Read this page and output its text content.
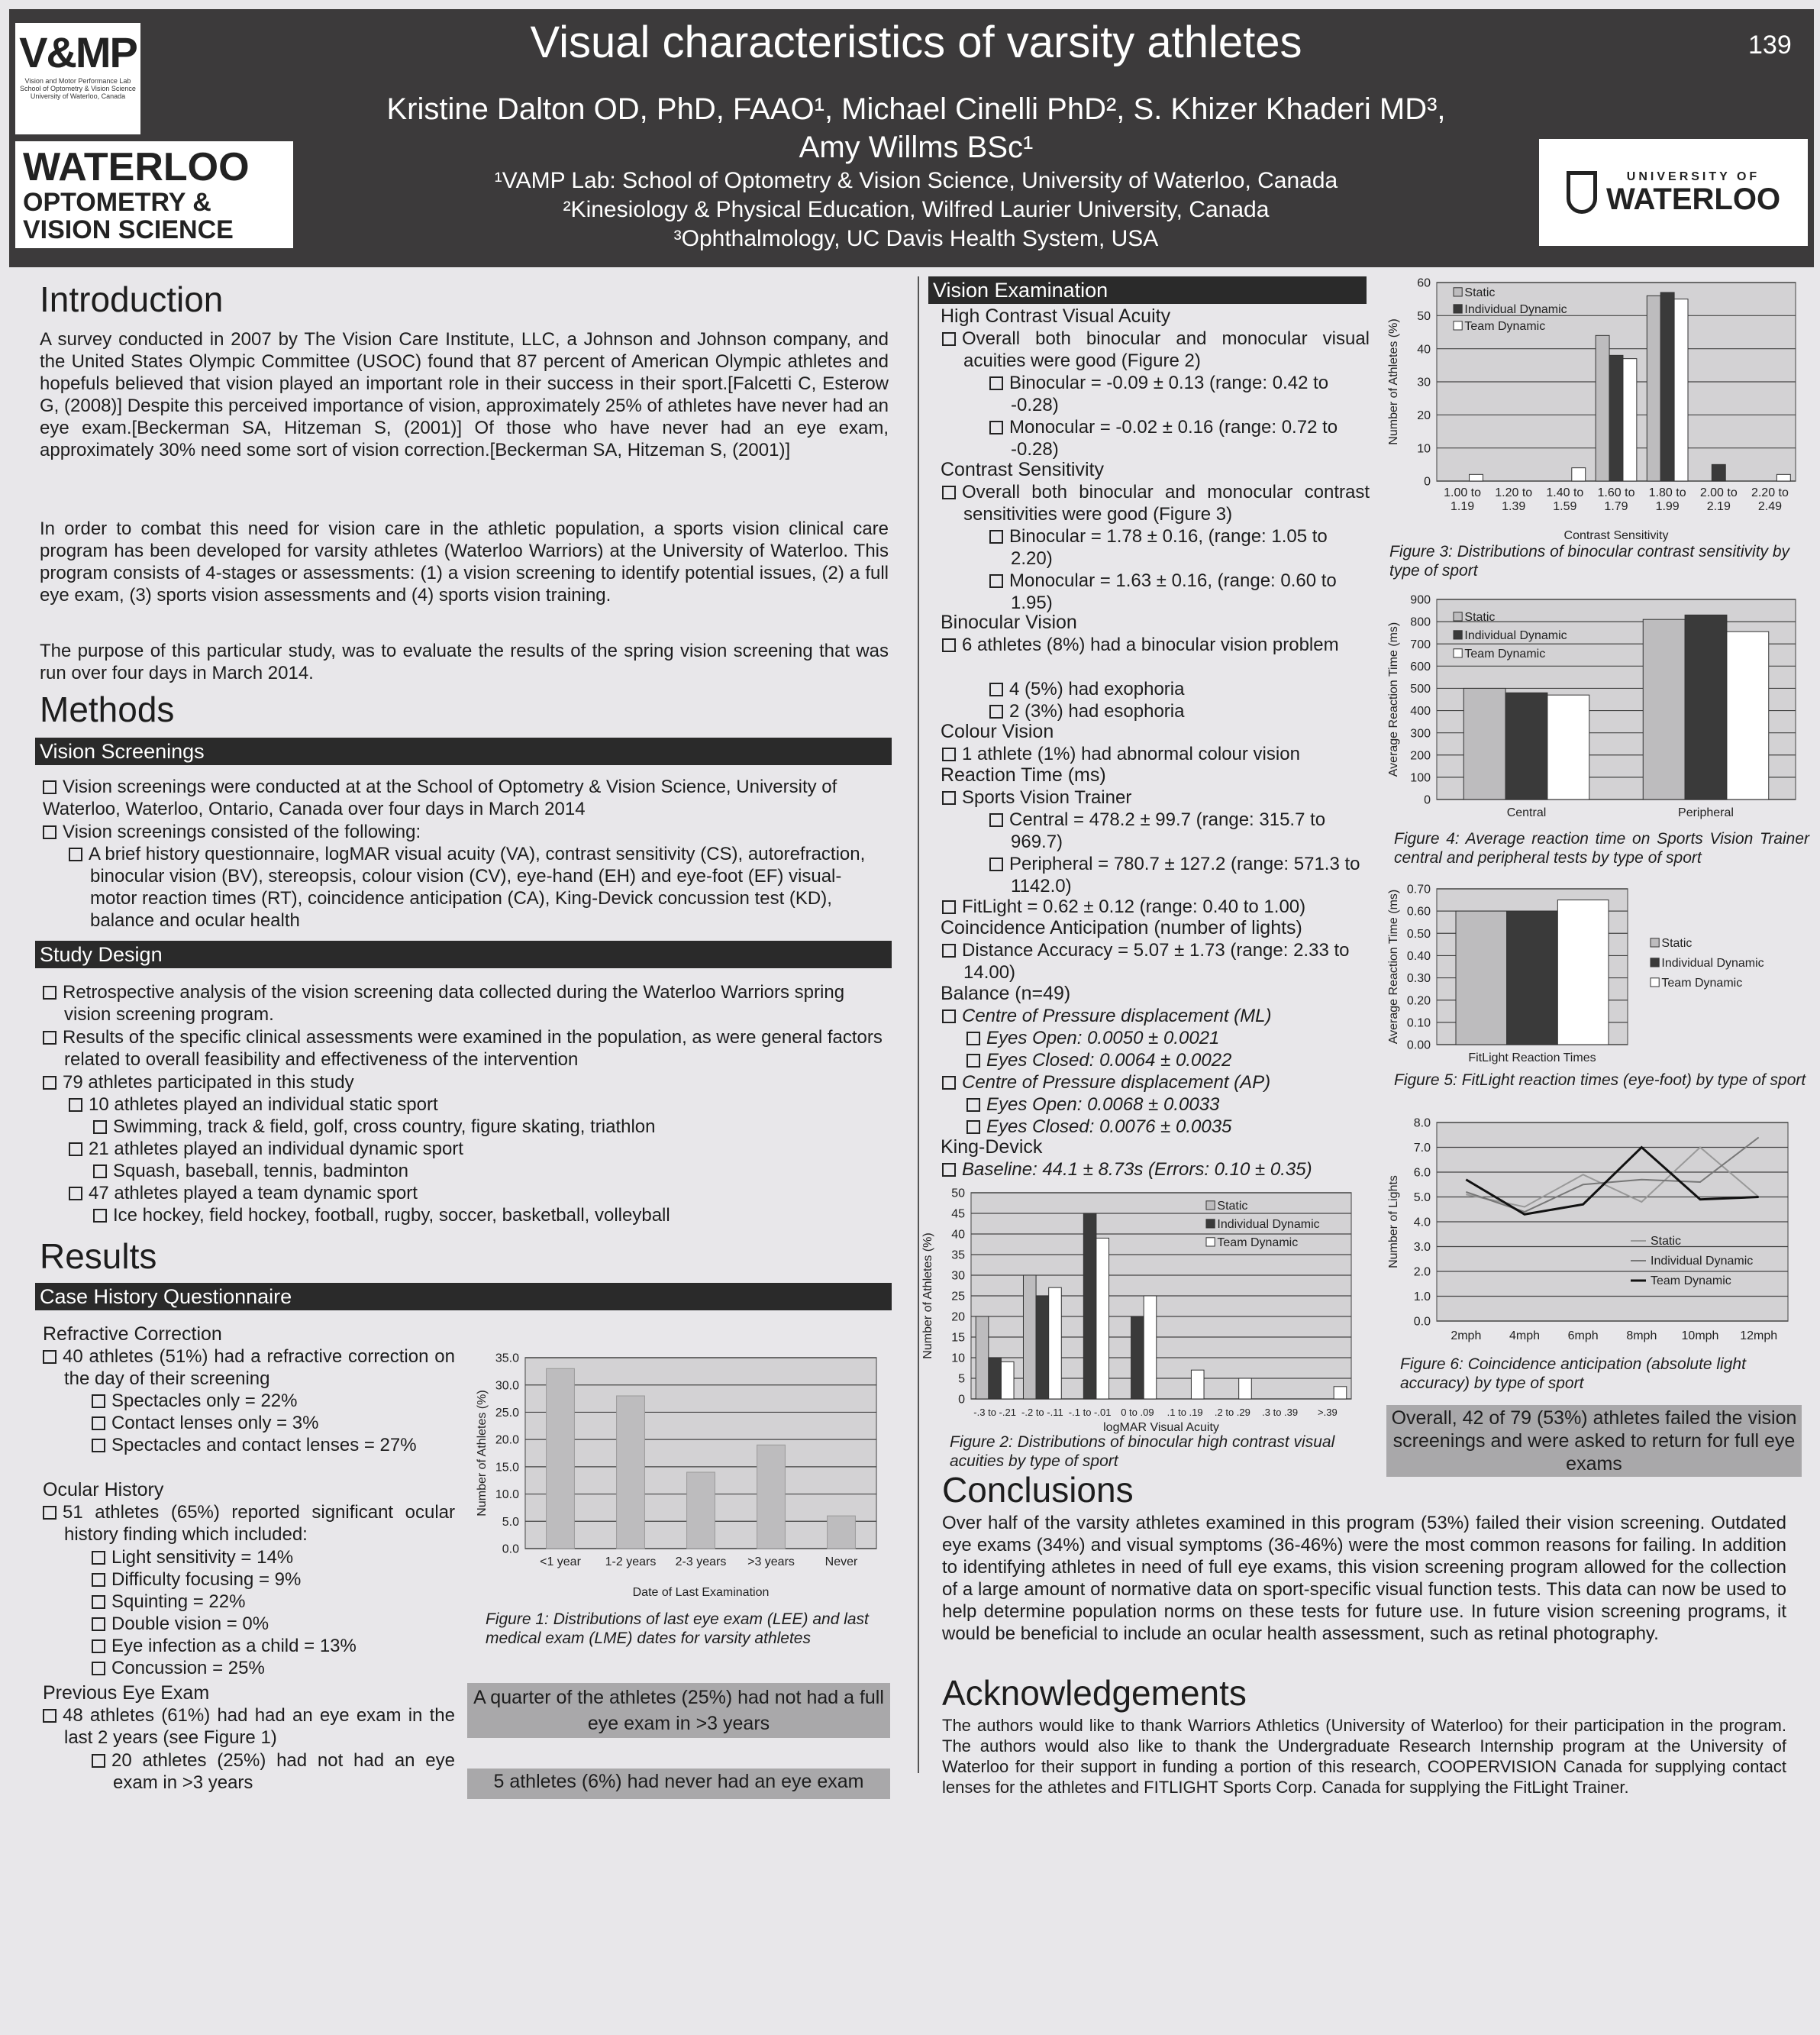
V&MP
Vision and Motor Performance Lab
School of Optometry & Vision Science
University of Waterloo, Canada
WATERLOO
OPTOMETRY &
VISION SCIENCE
UNIVERSITY OF
WATERLOO
Visual characteristics of varsity athletes
Kristine Dalton OD, PhD, FAAO¹, Michael Cinelli PhD², S. Khizer Khaderi MD³,
Amy Willms BSc¹
¹VAMP Lab: School of Optometry & Vision Science, University of Waterloo, Canada
²Kinesiology & Physical Education, Wilfred Laurier University, Canada
³Ophthalmology, UC Davis Health System, USA
139
Introduction
A survey conducted in 2007 by The Vision Care Institute, LLC, a Johnson and Johnson company, and the United States Olympic Committee (USOC) found that 87 percent of American Olympic athletes and hopefuls believed that vision played an important role in their success in their sport.[Falcetti C, Esterow G, (2008)] Despite this perceived importance of vision, approximately 25% of athletes have never had an eye exam.[Beckerman SA, Hitzeman S, (2001)] Of those who have never had an eye exam, approximately 30% need some sort of vision correction.[Beckerman SA, Hitzeman S, (2001)]
In order to combat this need for vision care in the athletic population, a sports vision clinical care program has been developed for varsity athletes (Waterloo Warriors) at the University of Waterloo. This program consists of 4-stages or assessments: (1) a vision screening to identify potential issues, (2) a full eye exam, (3) sports vision assessments and (4) sports vision training.
The purpose of this particular study, was to evaluate the results of the spring vision screening that was run over four days in March 2014.
Methods
Vision Screenings
Vision screenings were conducted at at the School of Optometry & Vision Science, University of Waterloo, Waterloo, Ontario, Canada over four days in March 2014
Vision screenings consisted of the following:
A brief history questionnaire, logMAR visual acuity (VA), contrast sensitivity (CS), autorefraction, binocular vision (BV), stereopsis, colour vision (CV), eye-hand (EH) and eye-foot (EF) visual-motor reaction times (RT), coincidence anticipation (CA), King-Devick concussion test (KD), balance and ocular health
Study Design
Retrospective analysis of the vision screening data collected during the Waterloo Warriors spring vision screening program.
Results of the specific clinical assessments were examined in the population, as were general factors related to overall feasibility and effectiveness of the intervention
79 athletes participated in this study
10 athletes played an individual static sport
Swimming, track & field, golf, cross country, figure skating, triathlon
21 athletes played an individual dynamic sport
Squash, baseball, tennis, badminton
47 athletes played a team dynamic sport
Ice hockey, field hockey, football, rugby, soccer, basketball, volleyball
Results
Case History Questionnaire
Refractive Correction
40 athletes (51%) had a refractive correction on the day of their screening
Spectacles only = 22%
Contact lenses only = 3%
Spectacles and contact lenses = 27%
Ocular History
51 athletes (65%) reported significant ocular history finding which included:
Light sensitivity = 14%
Difficulty focusing = 9%
Squinting = 22%
Double vision = 0%
Eye infection as a child = 13%
Concussion = 25%
Previous Eye Exam
48 athletes (61%) had had an eye exam in the last 2 years (see Figure 1)
20 athletes (25%) had not had an eye exam in >3 years
0.0
5.0
10.0
15.0
20.0
25.0
30.0
35.0
Number of Athletes (%)
<1 year 1-2 years 2-3 years >3 years Never
Date of Last Examination
Figure 1: Distributions of last eye exam (LEE) and last medical exam (LME) dates for varsity athletes
A quarter of the athletes (25%) had not had a full eye exam in >3 years
5 athletes (6%) had never had an eye exam
Vision Examination
High Contrast Visual Acuity
Overall both binocular and monocular visual acuities were good (Figure 2)
Binocular = -0.09 ± 0.13 (range: 0.42 to -0.28)
Monocular = -0.02 ± 0.16 (range: 0.72 to -0.28)
Contrast Sensitivity
Overall both binocular and monocular contrast sensitivities were good (Figure 3)
Binocular = 1.78 ± 0.16, (range: 1.05 to 2.20)
Monocular = 1.63 ± 0.16, (range: 0.60 to 1.95)
Binocular Vision
6 athletes (8%) had a binocular vision problem
4 (5%) had exophoria
2 (3%) had esophoria
Colour Vision
1 athlete (1%) had abnormal colour vision
Reaction Time (ms)
Sports Vision Trainer
Central = 478.2 ± 99.7 (range: 315.7 to 969.7)
Peripheral = 780.7 ± 127.2 (range: 571.3 to 1142.0)
FitLight = 0.62 ± 0.12 (range: 0.40 to 1.00)
Coincidence Anticipation (number of lights)
Distance Accuracy = 5.07 ± 1.73 (range: 2.33 to 14.00)
Balance (n=49)
Centre of Pressure displacement (ML)
Eyes Open: 0.0050 ± 0.0021
Eyes Closed: 0.0064 ± 0.0022
Centre of Pressure displacement (AP)
Eyes Open: 0.0068 ± 0.0033
Eyes Closed: 0.0076 ± 0.0035
King-Devick
Baseline: 44.1 ± 8.73s (Errors: 0.10 ± 0.35)
0
5
10
15
20
25
30
35
40
45
50
Number of Athletes (%)
-.3 to -.21 -.2 to -.11 -.1 to -.01 0 to .09 .1 to .19 .2 to .29 .3 to .39 >.39
logMAR Visual Acuity
Static
Individual Dynamic
Team Dynamic
Figure 2: Distributions of binocular high contrast visual acuities by type of sport
0
10
20
30
40
50
60
Number of Athletes (%)
1.00 to
1.19
1.20 to
1.39
1.40 to
1.59
1.60 to
1.79
1.80 to
1.99
2.00 to
2.19
2.20 to
2.49
Contrast Sensitivity
Static
Individual Dynamic
Team Dynamic
Figure 3: Distributions of binocular contrast sensitivity by type of sport
0
100
200
300
400
500
600
700
800
900
Average Reaction Time (ms)
Central	Peripheral
Static
Individual Dynamic
Team Dynamic
Figure 4: Average reaction time on Sports Vision Trainer central and peripheral tests by type of sport
0.00
0.10
0.20
0.30
0.40
0.50
0.60
0.70
Average Reaction Time (ms)
FitLight Reaction Times
Static
Individual Dynamic
Team Dynamic
Figure 5: FitLight reaction times (eye-foot) by type of sport
0.0
1.0
2.0
3.0
4.0
5.0
6.0
7.0
8.0
Number of Lights
2mph 4mph 6mph 8mph 10mph 12mph
Static
Individual Dynamic
Team Dynamic
Figure 6: Coincidence anticipation (absolute light accuracy) by type of sport
Overall, 42 of 79 (53%) athletes failed the vision screenings and were asked to return for full eye exams
Conclusions
Over half of the varsity athletes examined in this program (53%) failed their vision screening. Outdated eye exams (34%) and visual symptoms (36-46%) were the most common reasons for failing. In addition to identifying athletes in need of full eye exams, this vision screening program allowed for the collection of a large amount of normative data on sport-specific visual function tests. This data can now be used to help determine population norms on these tests for future use. In future vision screening programs, it would be beneficial to include an ocular health assessment, such as retinal photography.
Acknowledgements
The authors would like to thank Warriors Athletics (University of Waterloo) for their participation in the program. The authors would also like to thank the Undergraduate Research Internship program at the University of Waterloo for their support in funding a portion of this research, COOPERVISION Canada for supplying contact lenses for the athletes and FITLIGHT Sports Corp. Canada for supplying the FitLight Trainer.
